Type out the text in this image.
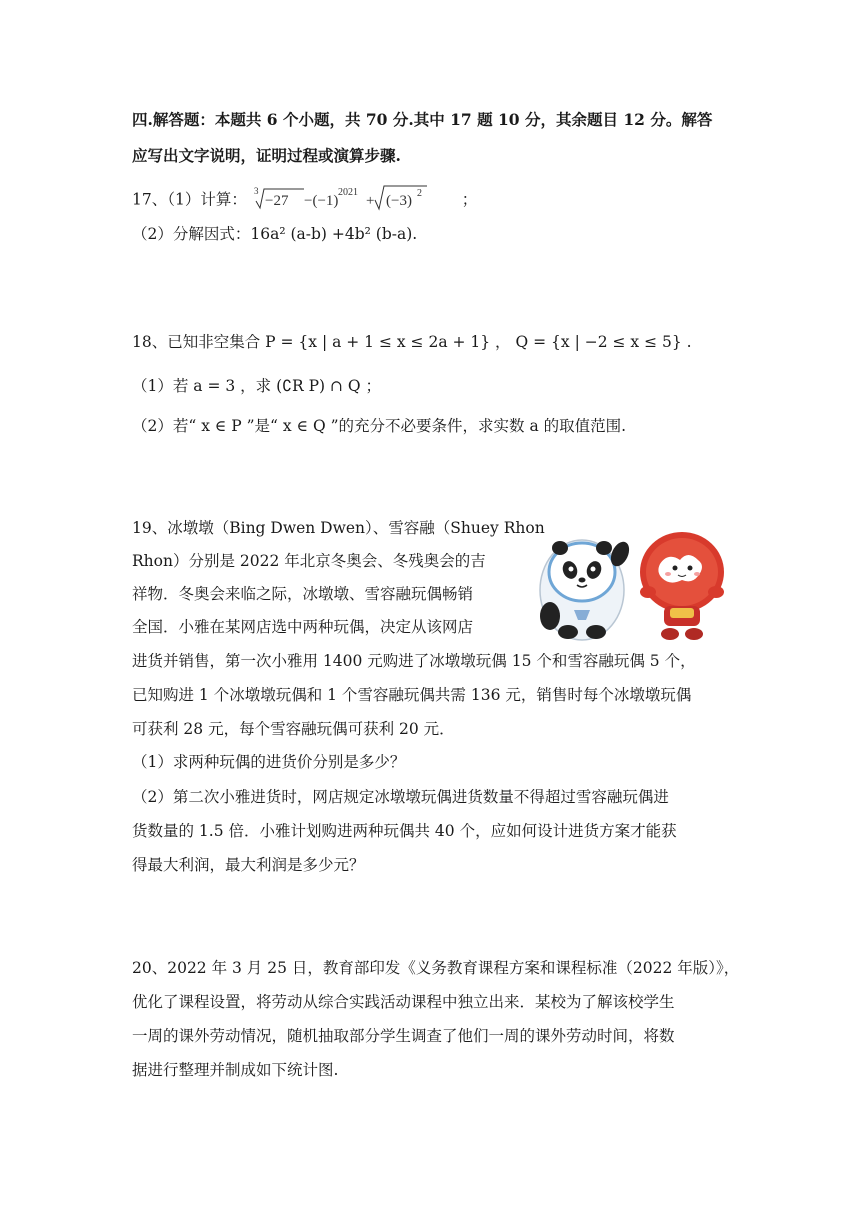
四.解答题：本题共 6 个小题，共 70 分.其中 17 题 10 分，其余题目 12 分。解答
应写出文字说明，证明过程或演算步骤.
17、（1）计算： 3
−27 −(−1)
2021
+ (−3) 2	；
（2）分解因式：16a² (a-b) +4b² (b-a).
18、已知非空集合 P = {x | a + 1 ≤ x ≤ 2a + 1} ， Q = {x | −2 ≤ x ≤ 5} .
（1）若 a = 3 ，求 (∁R P) ∩ Q ；
（2）若“ x ∈ P ”是“ x ∈ Q ”的充分不必要条件，求实数 a 的取值范围.
19、冰墩墩（Bing Dwen Dwen）、雪容融（Shuey Rhon
Rhon）分别是 2022 年北京冬奥会、冬残奥会的吉
祥物．冬奥会来临之际，冰墩墩、雪容融玩偶畅销
全国．小雅在某网店选中两种玩偶，决定从该网店
进货并销售，第一次小雅用 1400 元购进了冰墩墩玩偶 15 个和雪容融玩偶 5 个，
已知购进 1 个冰墩墩玩偶和 1 个雪容融玩偶共需 136 元，销售时每个冰墩墩玩偶
可获利 28 元，每个雪容融玩偶可获利 20 元．
（1）求两种玩偶的进货价分别是多少？
（2）第二次小雅进货时，网店规定冰墩墩玩偶进货数量不得超过雪容融玩偶进
货数量的 1.5 倍．小雅计划购进两种玩偶共 40 个，应如何设计进货方案才能获
得最大利润，最大利润是多少元？
20、2022 年 3 月 25 日，教育部印发《义务教育课程方案和课程标准（2022 年版）》，
优化了课程设置，将劳动从综合实践活动课程中独立出来．某校为了解该校学生
一周的课外劳动情况，随机抽取部分学生调查了他们一周的课外劳动时间，将数
据进行整理并制成如下统计图.
